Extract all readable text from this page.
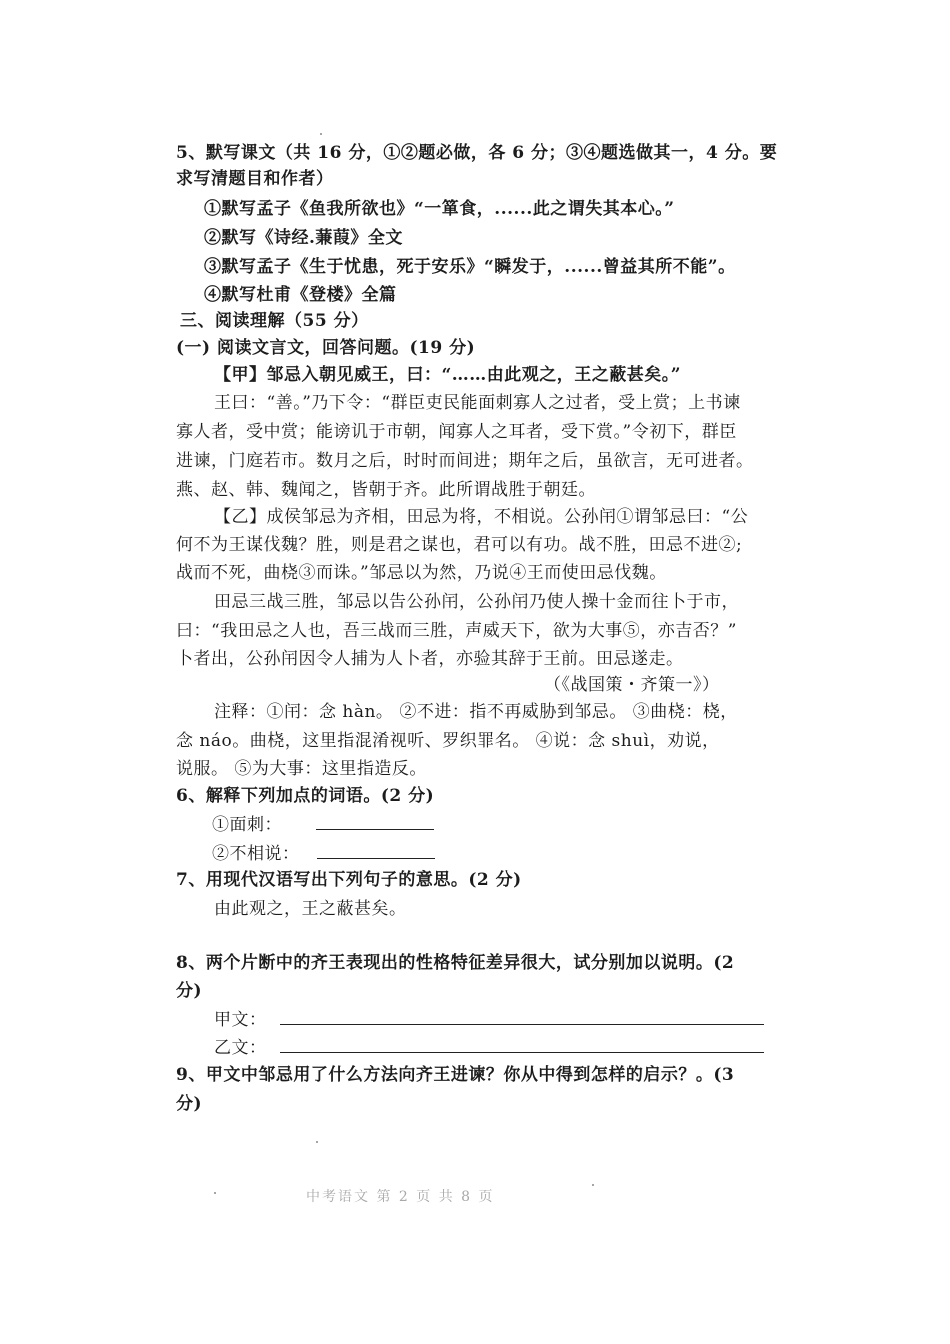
5、默写课文（共 16 分，①②题必做，各 6 分；③④题选做其一，4 分。要
求写清题目和作者）
①默写孟子《鱼我所欲也》“一箪食，......此之谓失其本心。”
②默写《诗经.蒹葭》全文
③默写孟子《生于忧患，死于安乐》“瞬发于，......曾益其所不能”。
④默写杜甫《登楼》全篇
三、阅读理解（55 分）
(一) 阅读文言文，回答问题。(19 分)
【甲】邹忌入朝见威王，曰：“……由此观之，王之蔽甚矣。”
王曰：“善。”乃下令：“群臣吏民能面刺寡人之过者，受上赏；上书谏
寡人者，受中赏；能谤讥于市朝，闻寡人之耳者，受下赏。”令初下，群臣
进谏，门庭若市。数月之后，时时而间进；期年之后，虽欲言，无可进者。
燕、赵、韩、魏闻之，皆朝于齐。此所谓战胜于朝廷。
【乙】成侯邹忌为齐相，田忌为将，不相说。公孙闬①谓邹忌曰：“公
何不为王谋伐魏？胜，则是君之谋也，君可以有功。战不胜，田忌不进②;
战而不死，曲桡③而诛。”邹忌以为然，乃说④王而使田忌伐魏。
田忌三战三胜，邹忌以告公孙闬，公孙闬乃使人操十金而往卜于市，
曰：“我田忌之人也，吾三战而三胜，声威天下，欲为大事⑤，亦吉否？”
卜者出，公孙闬因令人捕为人卜者，亦验其辞于王前。田忌遂走。
（《战国策・齐策一》）
注释：①闬：念 hàn。 ②不进：指不再威胁到邹忌。 ③曲桡：桡，
念 náo。曲桡，这里指混淆视听、罗织罪名。 ④说：念 shuì，劝说，
说服。 ⑤为大事：这里指造反。
6、解释下列加点的词语。(2 分)
①面刺：
②不相说：
7、用现代汉语写出下列句子的意思。(2 分)
由此观之，王之蔽甚矣。
8、两个片断中的齐王表现出的性格特征差异很大，试分别加以说明。(2
分)
甲文：
乙文：
9、甲文中邹忌用了什么方法向齐王进谏？你从中得到怎样的启示？。(3
分)
中考语文 第 2 页 共 8 页
